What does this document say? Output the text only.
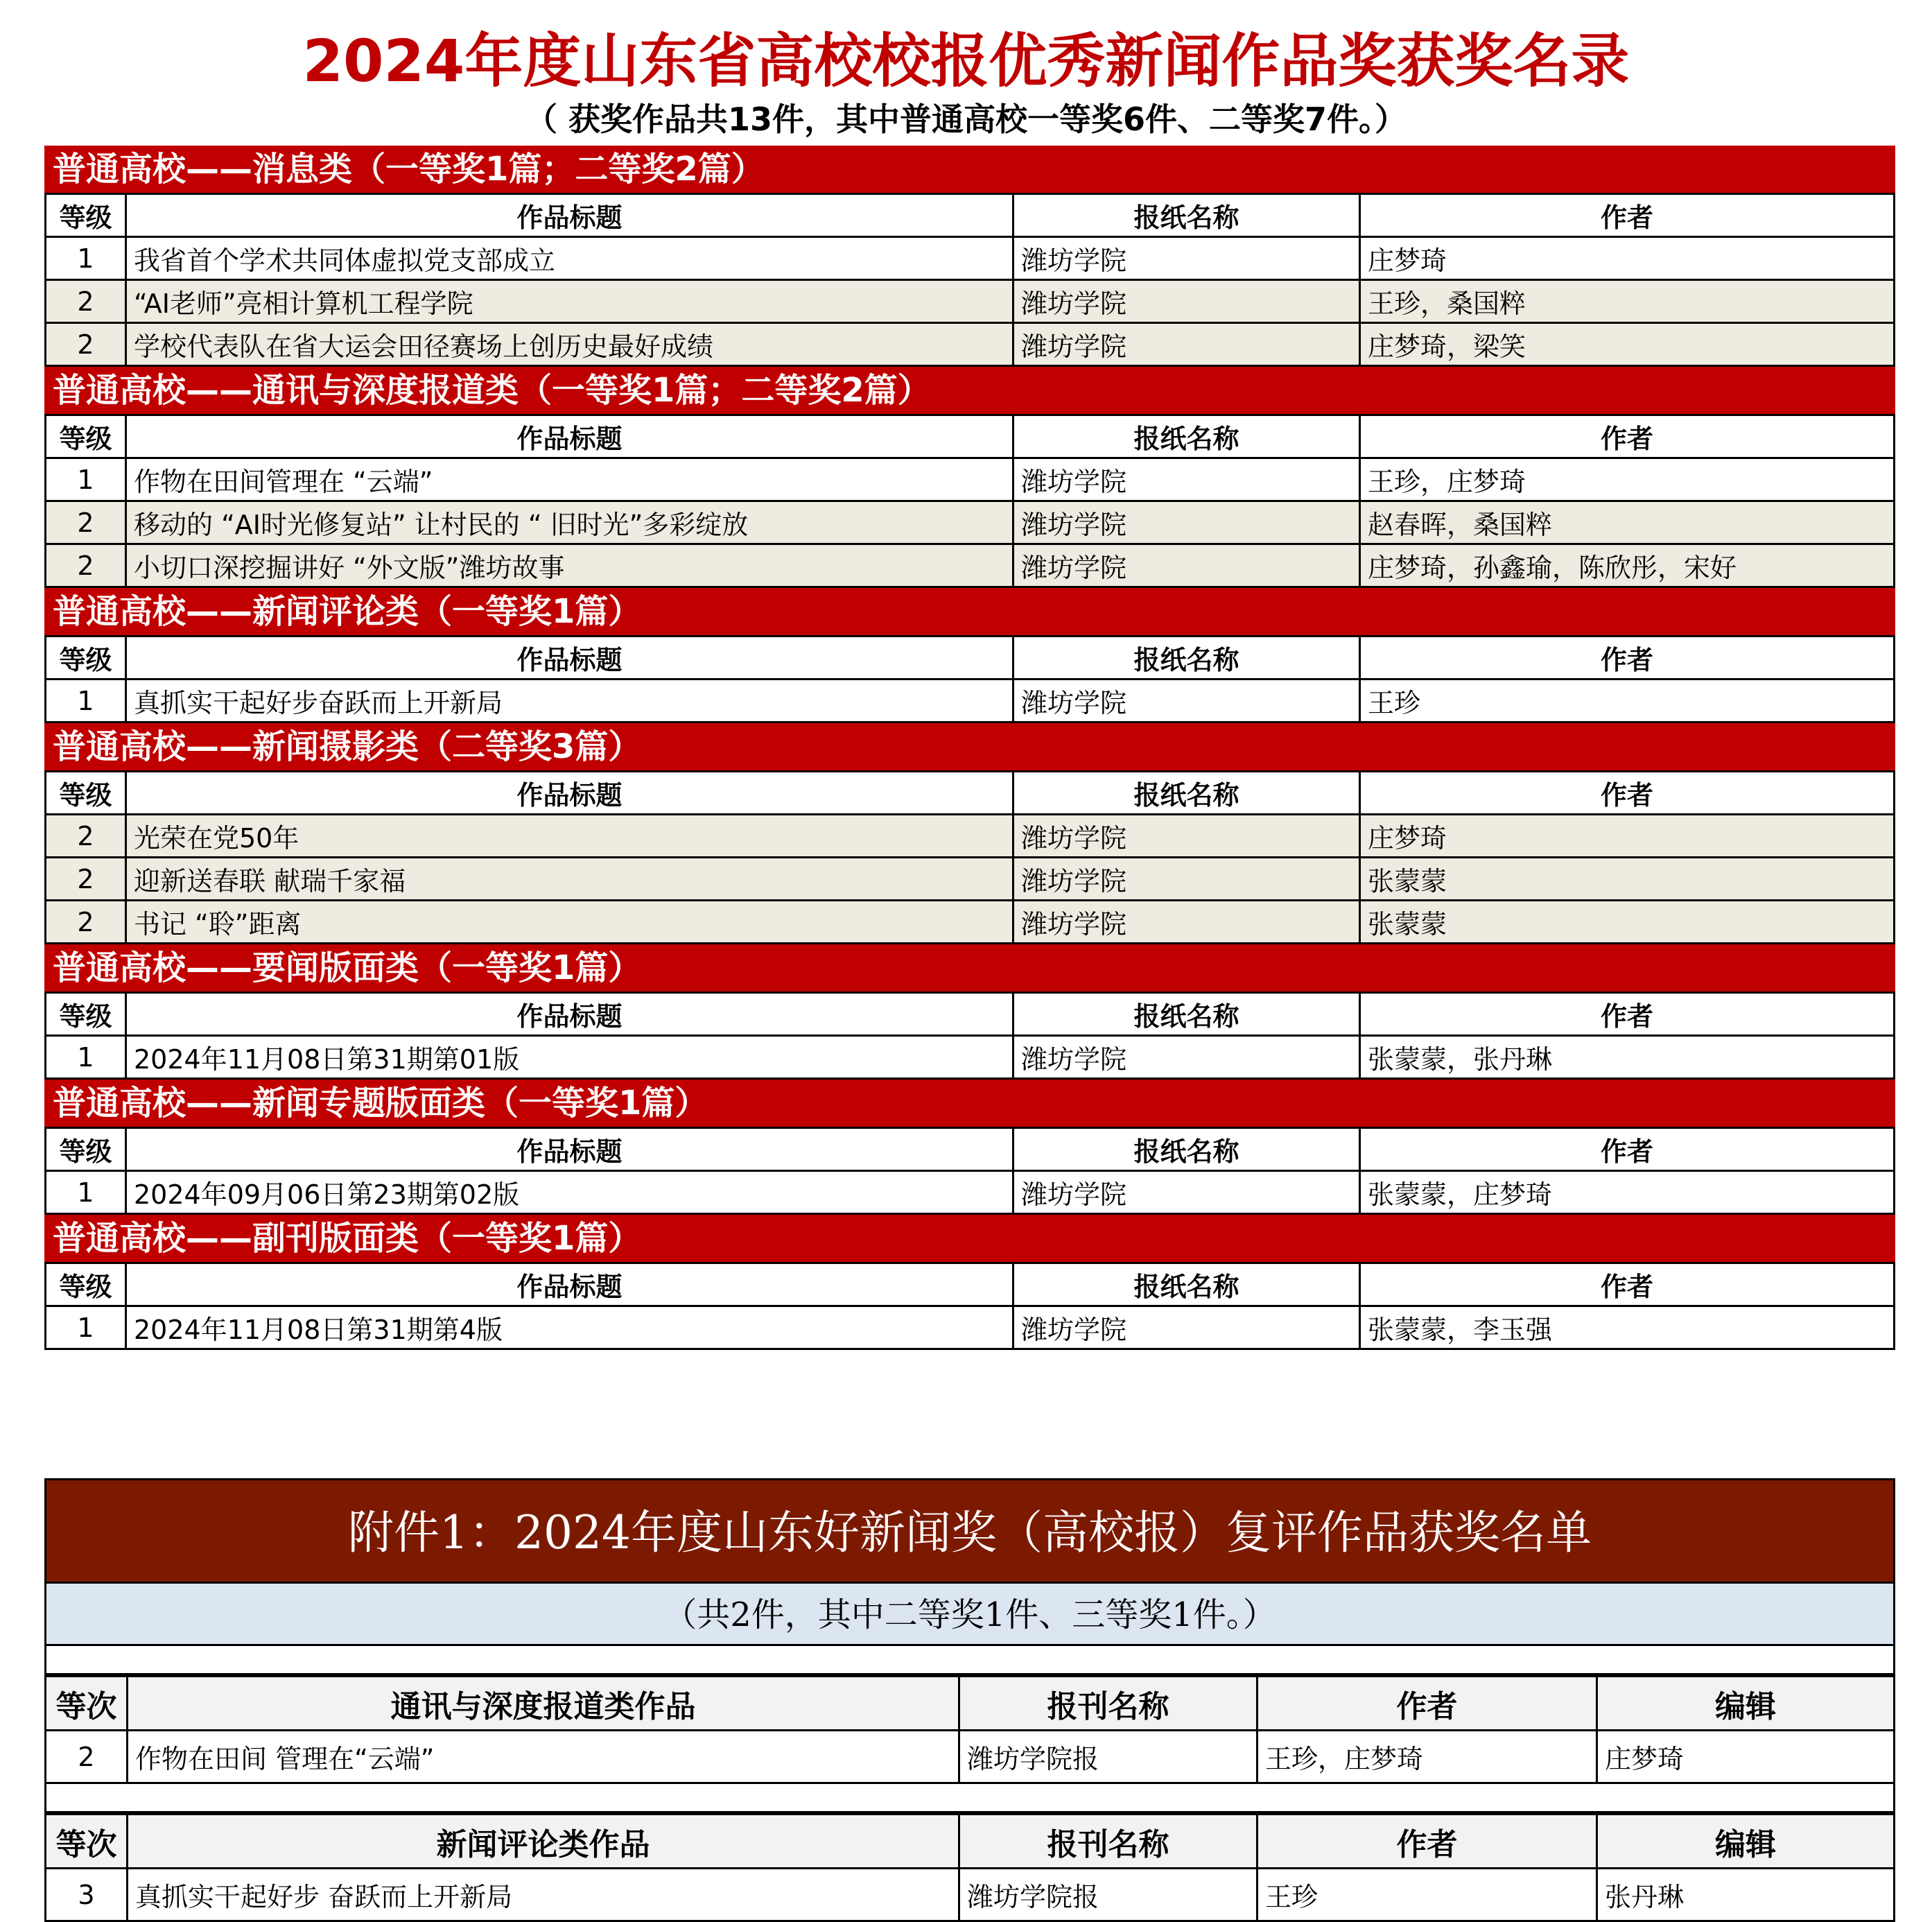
2024年度山东省高校校报优秀新闻作品奖获奖名录
（ 获奖作品共13件，其中普通高校一等奖6件、二等奖7件。）
普通高校——消息类（一等奖1篇；二等奖2篇）
等级	作品标题	报纸名称	作者
1	我省首个学术共同体虚拟党支部成立	潍坊学院	庄梦琦
2	“AI老师”亮相计算机工程学院	潍坊学院	王珍，桑国粹
2	学校代表队在省大运会田径赛场上创历史最好成绩	潍坊学院	庄梦琦，梁笑
普通高校——通讯与深度报道类（一等奖1篇；二等奖2篇）
等级	作品标题	报纸名称	作者
1	作物在田间管理在 “云端”	潍坊学院	王珍，庄梦琦
2	移动的 “AI时光修复站” 让村民的 “ 旧时光”多彩绽放	潍坊学院	赵春晖，桑国粹
2	小切口深挖掘讲好 “外文版”潍坊故事	潍坊学院	庄梦琦，孙鑫瑜，陈欣彤，宋好
普通高校——新闻评论类（一等奖1篇）
等级	作品标题	报纸名称	作者
1	真抓实干起好步奋跃而上开新局	潍坊学院	王珍
普通高校——新闻摄影类（二等奖3篇）
等级	作品标题	报纸名称	作者
2	光荣在党50年	潍坊学院	庄梦琦
2	迎新送春联 献瑞千家福	潍坊学院	张蒙蒙
2	书记 “聆”距离	潍坊学院	张蒙蒙
普通高校——要闻版面类（一等奖1篇）
等级	作品标题	报纸名称	作者
1	2024年11月08日第31期第01版	潍坊学院	张蒙蒙，张丹琳
普通高校——新闻专题版面类（一等奖1篇）
等级	作品标题	报纸名称	作者
1	2024年09月06日第23期第02版	潍坊学院	张蒙蒙，庄梦琦
普通高校——副刊版面类（一等奖1篇）
等级	作品标题	报纸名称	作者
1	2024年11月08日第31期第4版	潍坊学院	张蒙蒙，李玉强
附件1：2024年度山东好新闻奖（高校报）复评作品获奖名单
（共2件，其中二等奖1件、三等奖1件。）
等次	通讯与深度报道类作品	报刊名称	作者	编辑
2	作物在田间 管理在“云端”	潍坊学院报	王珍，庄梦琦	庄梦琦
等次	新闻评论类作品	报刊名称	作者	编辑
3	真抓实干起好步 奋跃而上开新局	潍坊学院报	王珍	张丹琳
